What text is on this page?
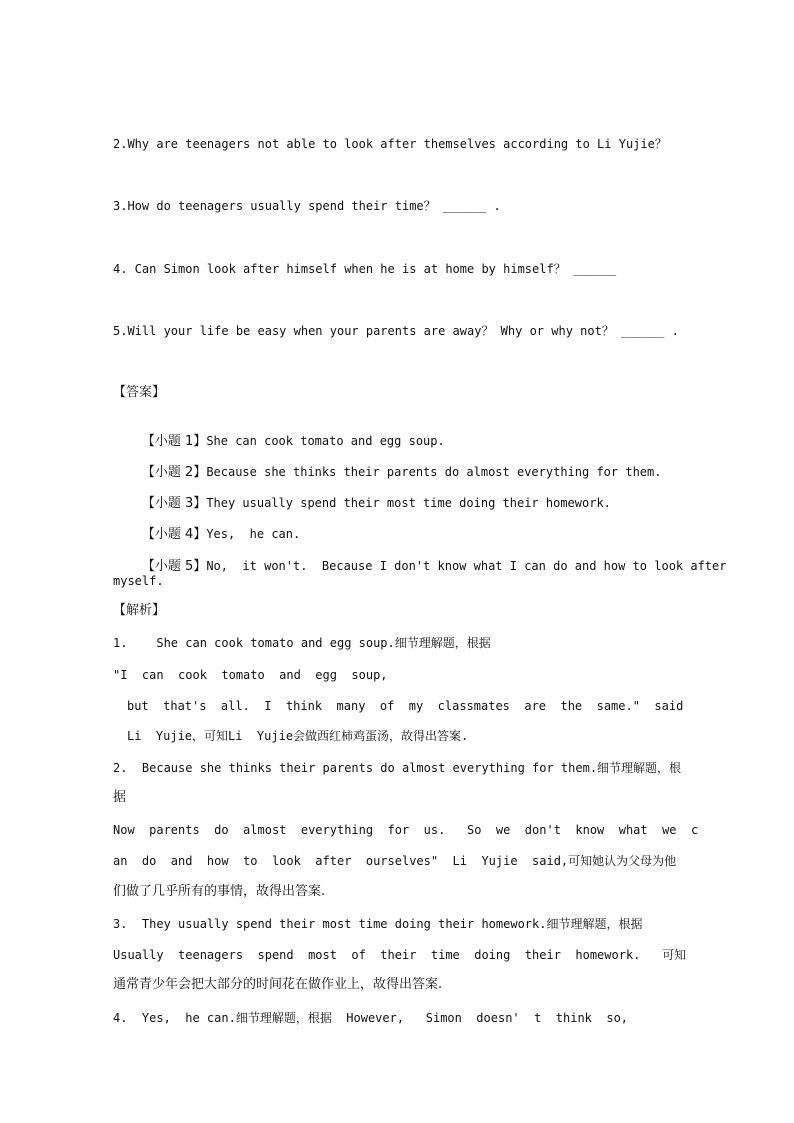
2.Why are teenagers not able to look after themselves according to Li Yujie？
3.How do teenagers usually spend their time？ ______ .
4. Can Simon look after himself when he is at home by himself？ ______
5.Will your life be easy when your parents are away？ Why or why not？ ______ .
【答案】

【小题 1】She can cook tomato and egg soup.

【小题 2】Because she thinks their parents do almost everything for them.

【小题 3】They usually spend their most time doing their homework.

【小题 4】Yes,  he can.

【小题 5】No,  it won't.  Because I don't know what I can do and how to look after

myself.
【解析】
1.    She can cook tomato and egg soup.细节理解题，根据
"I  can  cook  tomato  and  egg  soup,
but  that's  all.  I  think  many  of  my  classmates  are  the  same."  said
Li  Yujie，可知Li  Yujie会做西红柿鸡蛋汤，故得出答案.
2.  Because she thinks their parents do almost everything for them.细节理解题，根
据
Now  parents  do  almost  everything  for  us.   So  we  don't  know  what  we  c
an  do  and  how  to  look  after  ourselves"  Li  Yujie  said,可知她认为父母为他
们做了几乎所有的事情，故得出答案.
3.  They usually spend their most time doing their homework.细节理解题，根据
Usually  teenagers  spend  most  of  their  time  doing  their  homework.   可知
通常青少年会把大部分的时间花在做作业上，故得出答案.
4.  Yes,  he can.细节理解题，根据  However,   Simon  doesn'  t  think  so,
